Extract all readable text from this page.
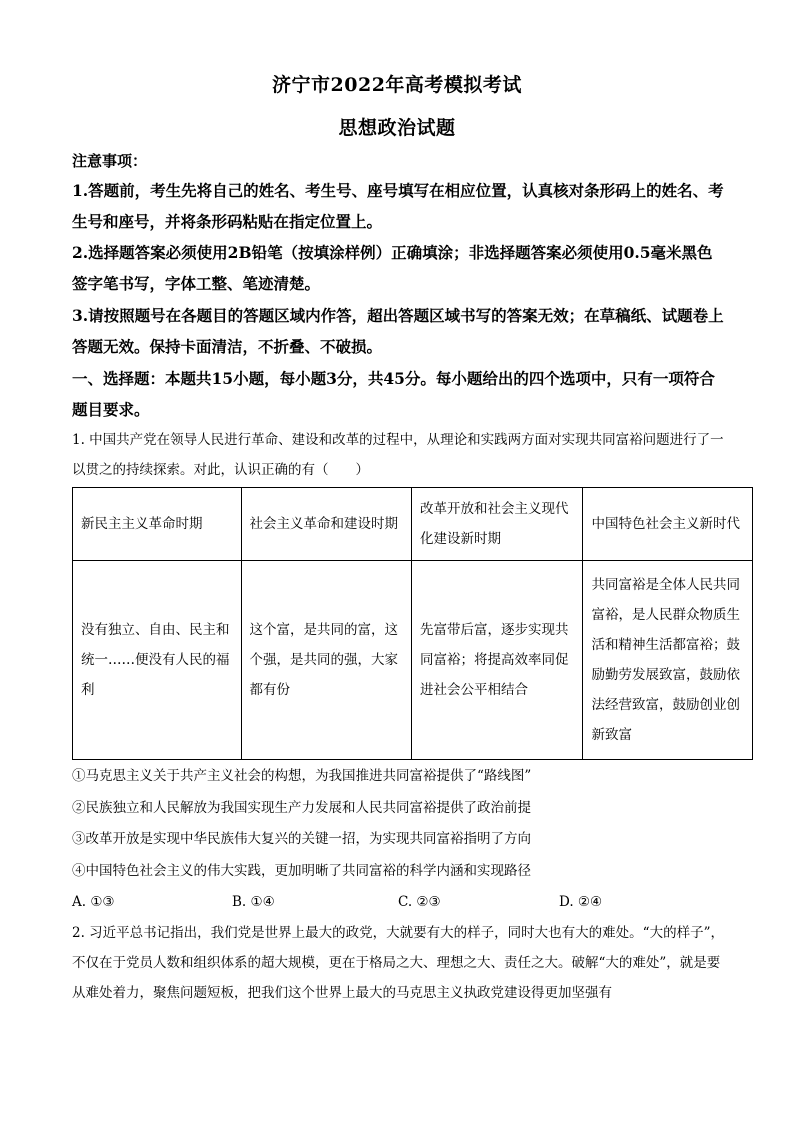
济宁市2022年高考模拟考试
思想政治试题
注意事项：

1.答题前，考生先将自己的姓名、考生号、座号填写在相应位置，认真核对条形码上的姓名、考生号和座号，并将条形码粘贴在指定位置上。

2.选择题答案必须使用2B铅笔（按填涂样例）正确填涂；非选择题答案必须使用0.5毫米黑色签字笔书写，字体工整、笔迹清楚。

3.请按照题号在各题目的答题区域内作答，超出答题区域书写的答案无效；在草稿纸、试题卷上答题无效。保持卡面清洁，不折叠、不破损。

一、选择题：本题共15小题，每小题3分，共45分。每小题给出的四个选项中，只有一项符合题目要求。

1. 中国共产党在领导人民进行革命、建设和改革的过程中，从理论和实践两方面对实现共同富裕问题进行了一以贯之的持续探索。对此，认识正确的有（　　）
新民主主义革命时期	社会主义革命和建设时期	改革开放和社会主义现代化建设新时期	中国特色社会主义新时代
没有独立、自由、民主和统一……便没有人民的福利	这个富，是共同的富，这个强，是共同的强，大家都有份	先富带后富，逐步实现共同富裕；将提高效率同促进社会公平相结合	共同富裕是全体人民共同富裕，是人民群众物质生活和精神生活都富裕；鼓励勤劳发展致富，鼓励依法经营致富，鼓励创业创新致富
①马克思主义关于共产主义社会的构想，为我国推进共同富裕提供了“路线图”
②民族独立和人民解放为我国实现生产力发展和人民共同富裕提供了政治前提
③改革开放是实现中华民族伟大复兴的关键一招，为实现共同富裕指明了方向
④中国特色社会主义的伟大实践，更加明晰了共同富裕的科学内涵和实现路径
A. ①③	B. ①④	C. ②③	D. ②④
2. 习近平总书记指出，我们党是世界上最大的政党，大就要有大的样子，同时大也有大的难处。“大的样子”，不仅在于党员人数和组织体系的超大规模，更在于格局之大、理想之大、责任之大。破解“大的难处”，就是要从难处着力，聚焦问题短板，把我们这个世界上最大的马克思主义执政党建设得更加坚强有
